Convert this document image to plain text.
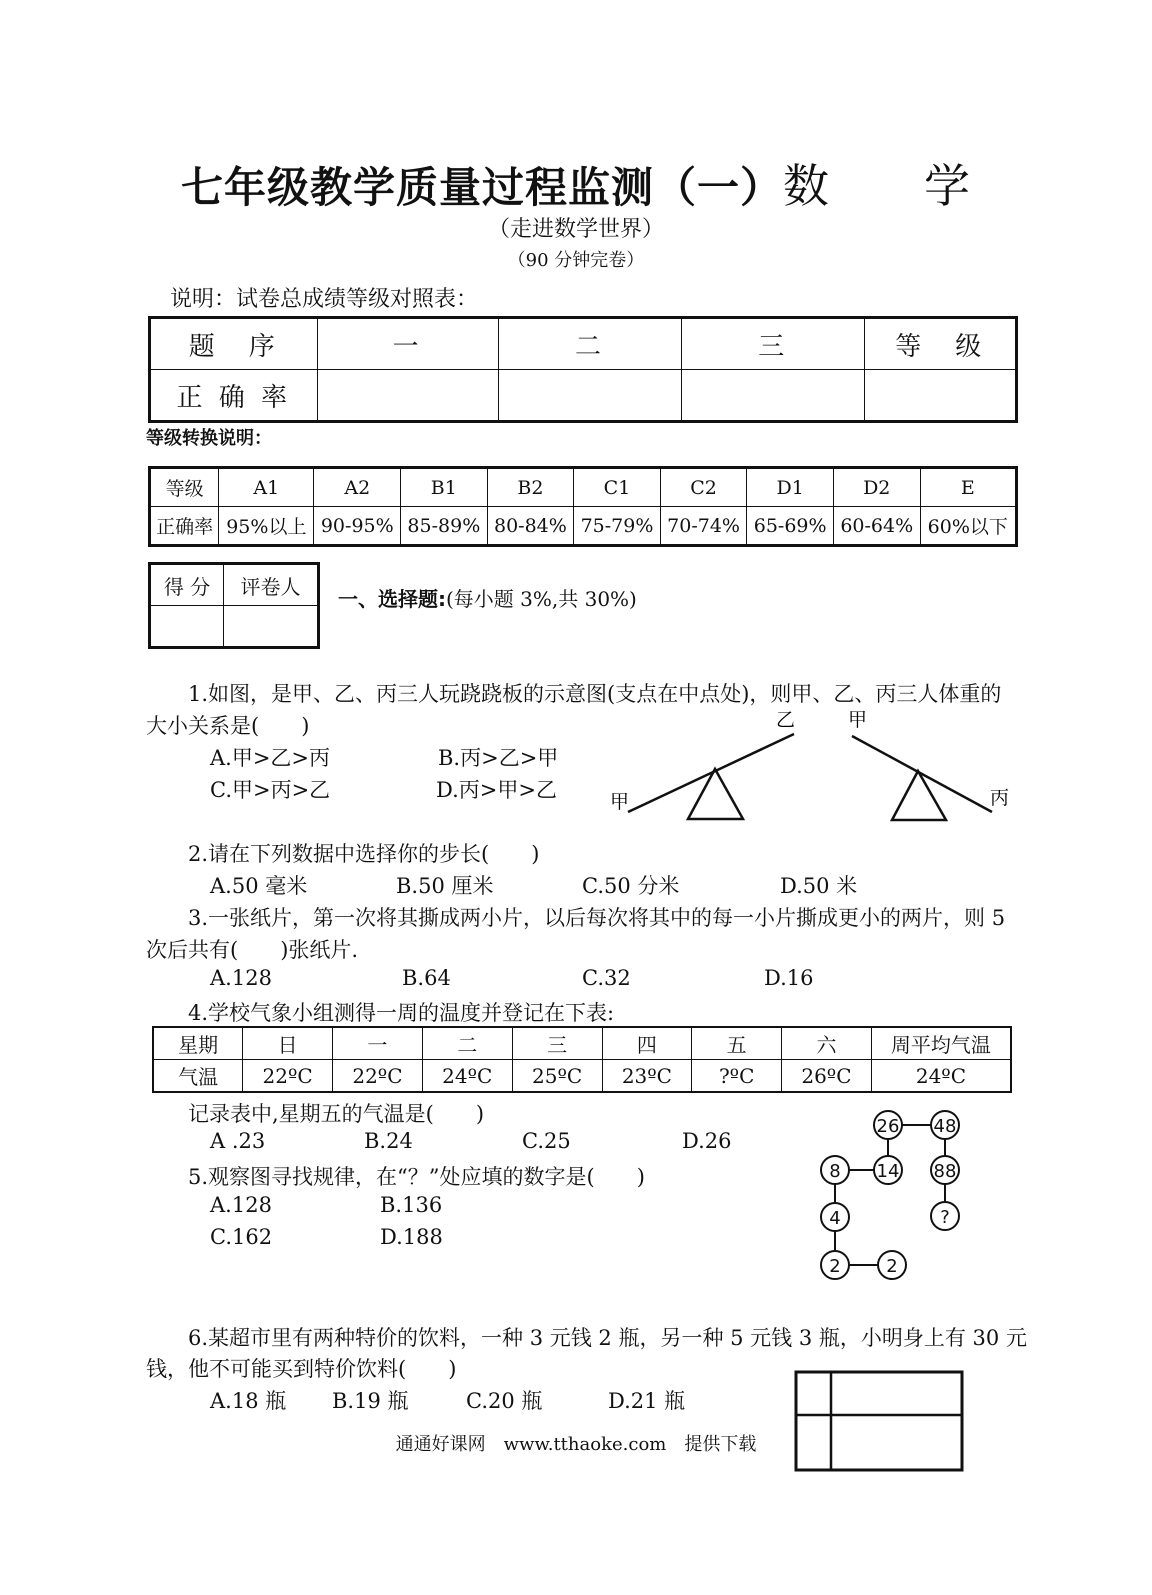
七年级教学质量过程监测（一）数　　学
（走进数学世界）
（90 分钟完卷）
说明：试卷总成绩等级对照表：
题　序	一	二	三	等　级
正 确 率				
等级转换说明：
等级	A1	A2	B1	B2	C1	C2	D1	D2	E
正确率	95%以上	90-95%	85-89%	80-84%	75-79%	70-74%	65-69%	60-64%	60%以下
得 分	评卷人

一、选择题:(每小题 3%,共 30%)
1.如图，是甲、乙、丙三人玩跷跷板的示意图(支点在中点处)，则甲、乙、丙三人体重的
大小关系是(　　)
A.甲>乙>丙	B.丙>乙>甲
C.甲>丙>乙	D.丙>甲>乙	甲
乙	甲
丙
2.请在下列数据中选择你的步长(　　)
A.50 毫米	B.50 厘米	C.50 分米	D.50 米
3.一张纸片，第一次将其撕成两小片，以后每次将其中的每一小片撕成更小的两片，则 5
次后共有(　　)张纸片.
A.128	B.64	C.32	D.16
4.学校气象小组测得一周的温度并登记在下表:
星期	日	一	二	三	四	五	六	周平均气温
气温	22ºC	22ºC	24ºC	25ºC	23ºC	?ºC	26ºC	24ºC
记录表中,星期五的气温是(　　)
A .23	B.24	C.25	D.26
5.观察图寻找规律，在“？”处应填的数字是(　　)
A.128	B.136
C.162	D.188
26 48
8 14 88
?
4
2	2
6.某超市里有两种特价的饮料，一种 3 元钱 2 瓶，另一种 5 元钱 3 瓶，小明身上有 30 元
钱，他不可能买到特价饮料(　　)
A.18 瓶 B.19 瓶	C.20 瓶	D.21 瓶
通通好课网　www.tthaoke.com　提供下载
